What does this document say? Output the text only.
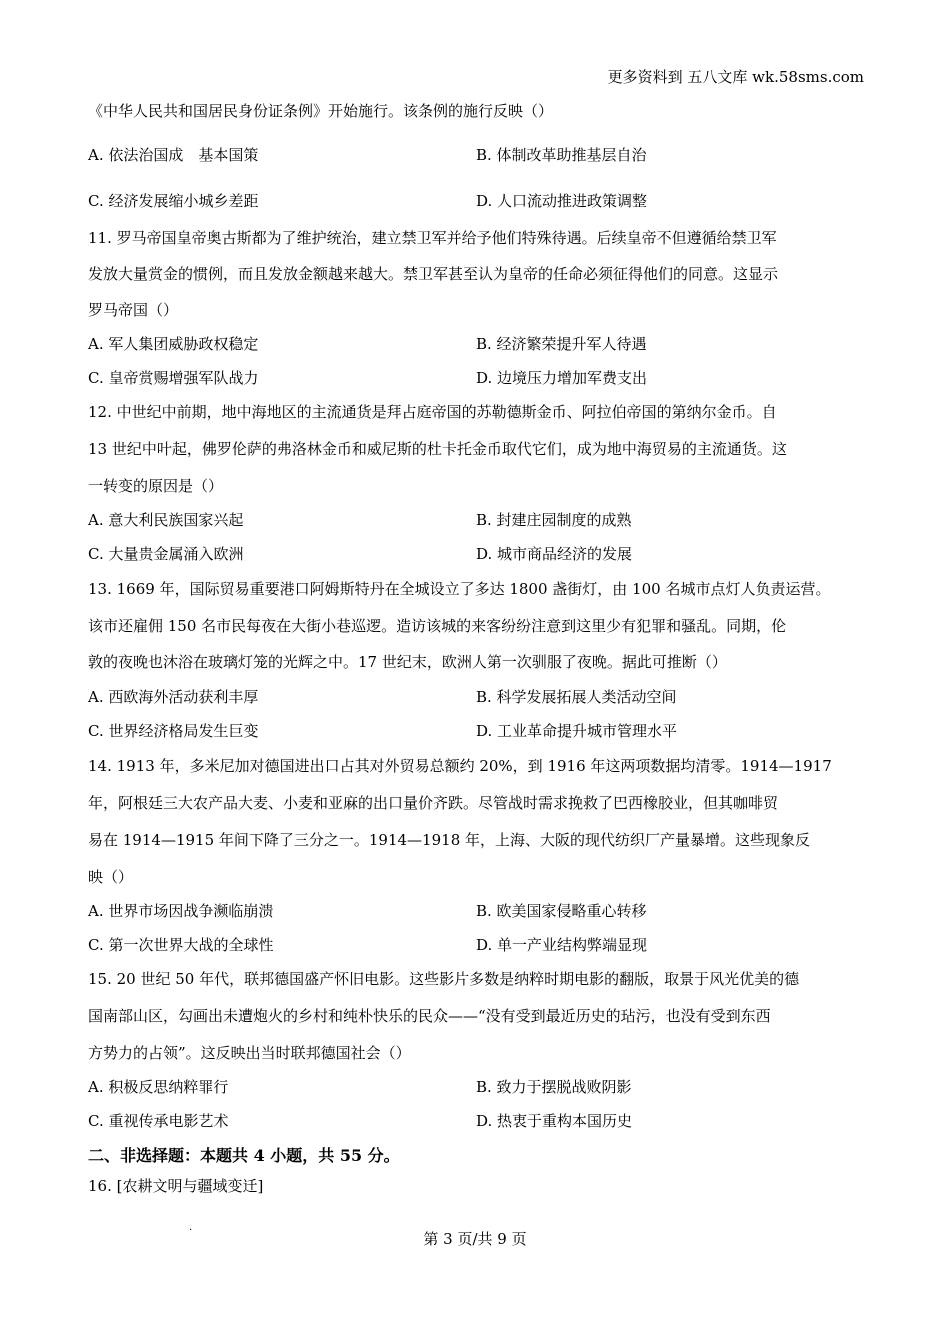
更多资料到 五八文库 wk.58sms.com
《中华人民共和国居民身份证条例》开始施行。该条例的施行反映（）
A. 依法治国成　基本国策	B. 体制改革助推基层自治
C. 经济发展缩小城乡差距	D. 人口流动推进政策调整
11. 罗马帝国皇帝奥古斯都为了维护统治，建立禁卫军并给予他们特殊待遇。后续皇帝不但遵循给禁卫军
发放大量赏金的惯例，而且发放金额越来越大。禁卫军甚至认为皇帝的任命必须征得他们的同意。这显示
罗马帝国（）
A. 军人集团威胁政权稳定	B. 经济繁荣提升军人待遇
C. 皇帝赏赐增强军队战力	D. 边境压力增加军费支出
12. 中世纪中前期，地中海地区的主流通货是拜占庭帝国的苏勒德斯金币、阿拉伯帝国的第纳尔金币。自
13 世纪中叶起，佛罗伦萨的弗洛林金币和威尼斯的杜卡托金币取代它们，成为地中海贸易的主流通货。这
一转变的原因是（）
A. 意大利民族国家兴起	B. 封建庄园制度的成熟
C. 大量贵金属涌入欧洲	D. 城市商品经济的发展
13. 1669 年，国际贸易重要港口阿姆斯特丹在全城设立了多达 1800 盏街灯，由 100 名城市点灯人负责运营。
该市还雇佣 150 名市民每夜在大街小巷巡逻。造访该城的来客纷纷注意到这里少有犯罪和骚乱。同期，伦
敦的夜晚也沐浴在玻璃灯笼的光辉之中。17 世纪末，欧洲人第一次驯服了夜晚。据此可推断（）
A. 西欧海外活动获利丰厚	B. 科学发展拓展人类活动空间
C. 世界经济格局发生巨变	D. 工业革命提升城市管理水平
14. 1913 年，多米尼加对德国进出口占其对外贸易总额约 20%，到 1916 年这两项数据均清零。1914—1917
年，阿根廷三大农产品大麦、小麦和亚麻的出口量价齐跌。尽管战时需求挽救了巴西橡胶业，但其咖啡贸
易在 1914—1915 年间下降了三分之一。1914—1918 年，上海、大阪的现代纺织厂产量暴增。这些现象反
映（）
A. 世界市场因战争濒临崩溃	B. 欧美国家侵略重心转移
C. 第一次世界大战的全球性	D. 单一产业结构弊端显现
15. 20 世纪 50 年代，联邦德国盛产怀旧电影。这些影片多数是纳粹时期电影的翻版，取景于风光优美的德
国南部山区，勾画出未遭炮火的乡村和纯朴快乐的民众——“没有受到最近历史的玷污，也没有受到东西
方势力的占领”。这反映出当时联邦德国社会（）
A. 积极反思纳粹罪行	B. 致力于摆脱战败阴影
C. 重视传承电影艺术	D. 热衷于重构本国历史
二、非选择题：本题共 4 小题，共 55 分。
16. [农耕文明与疆域变迁]
·	第 3 页/共 9 页
